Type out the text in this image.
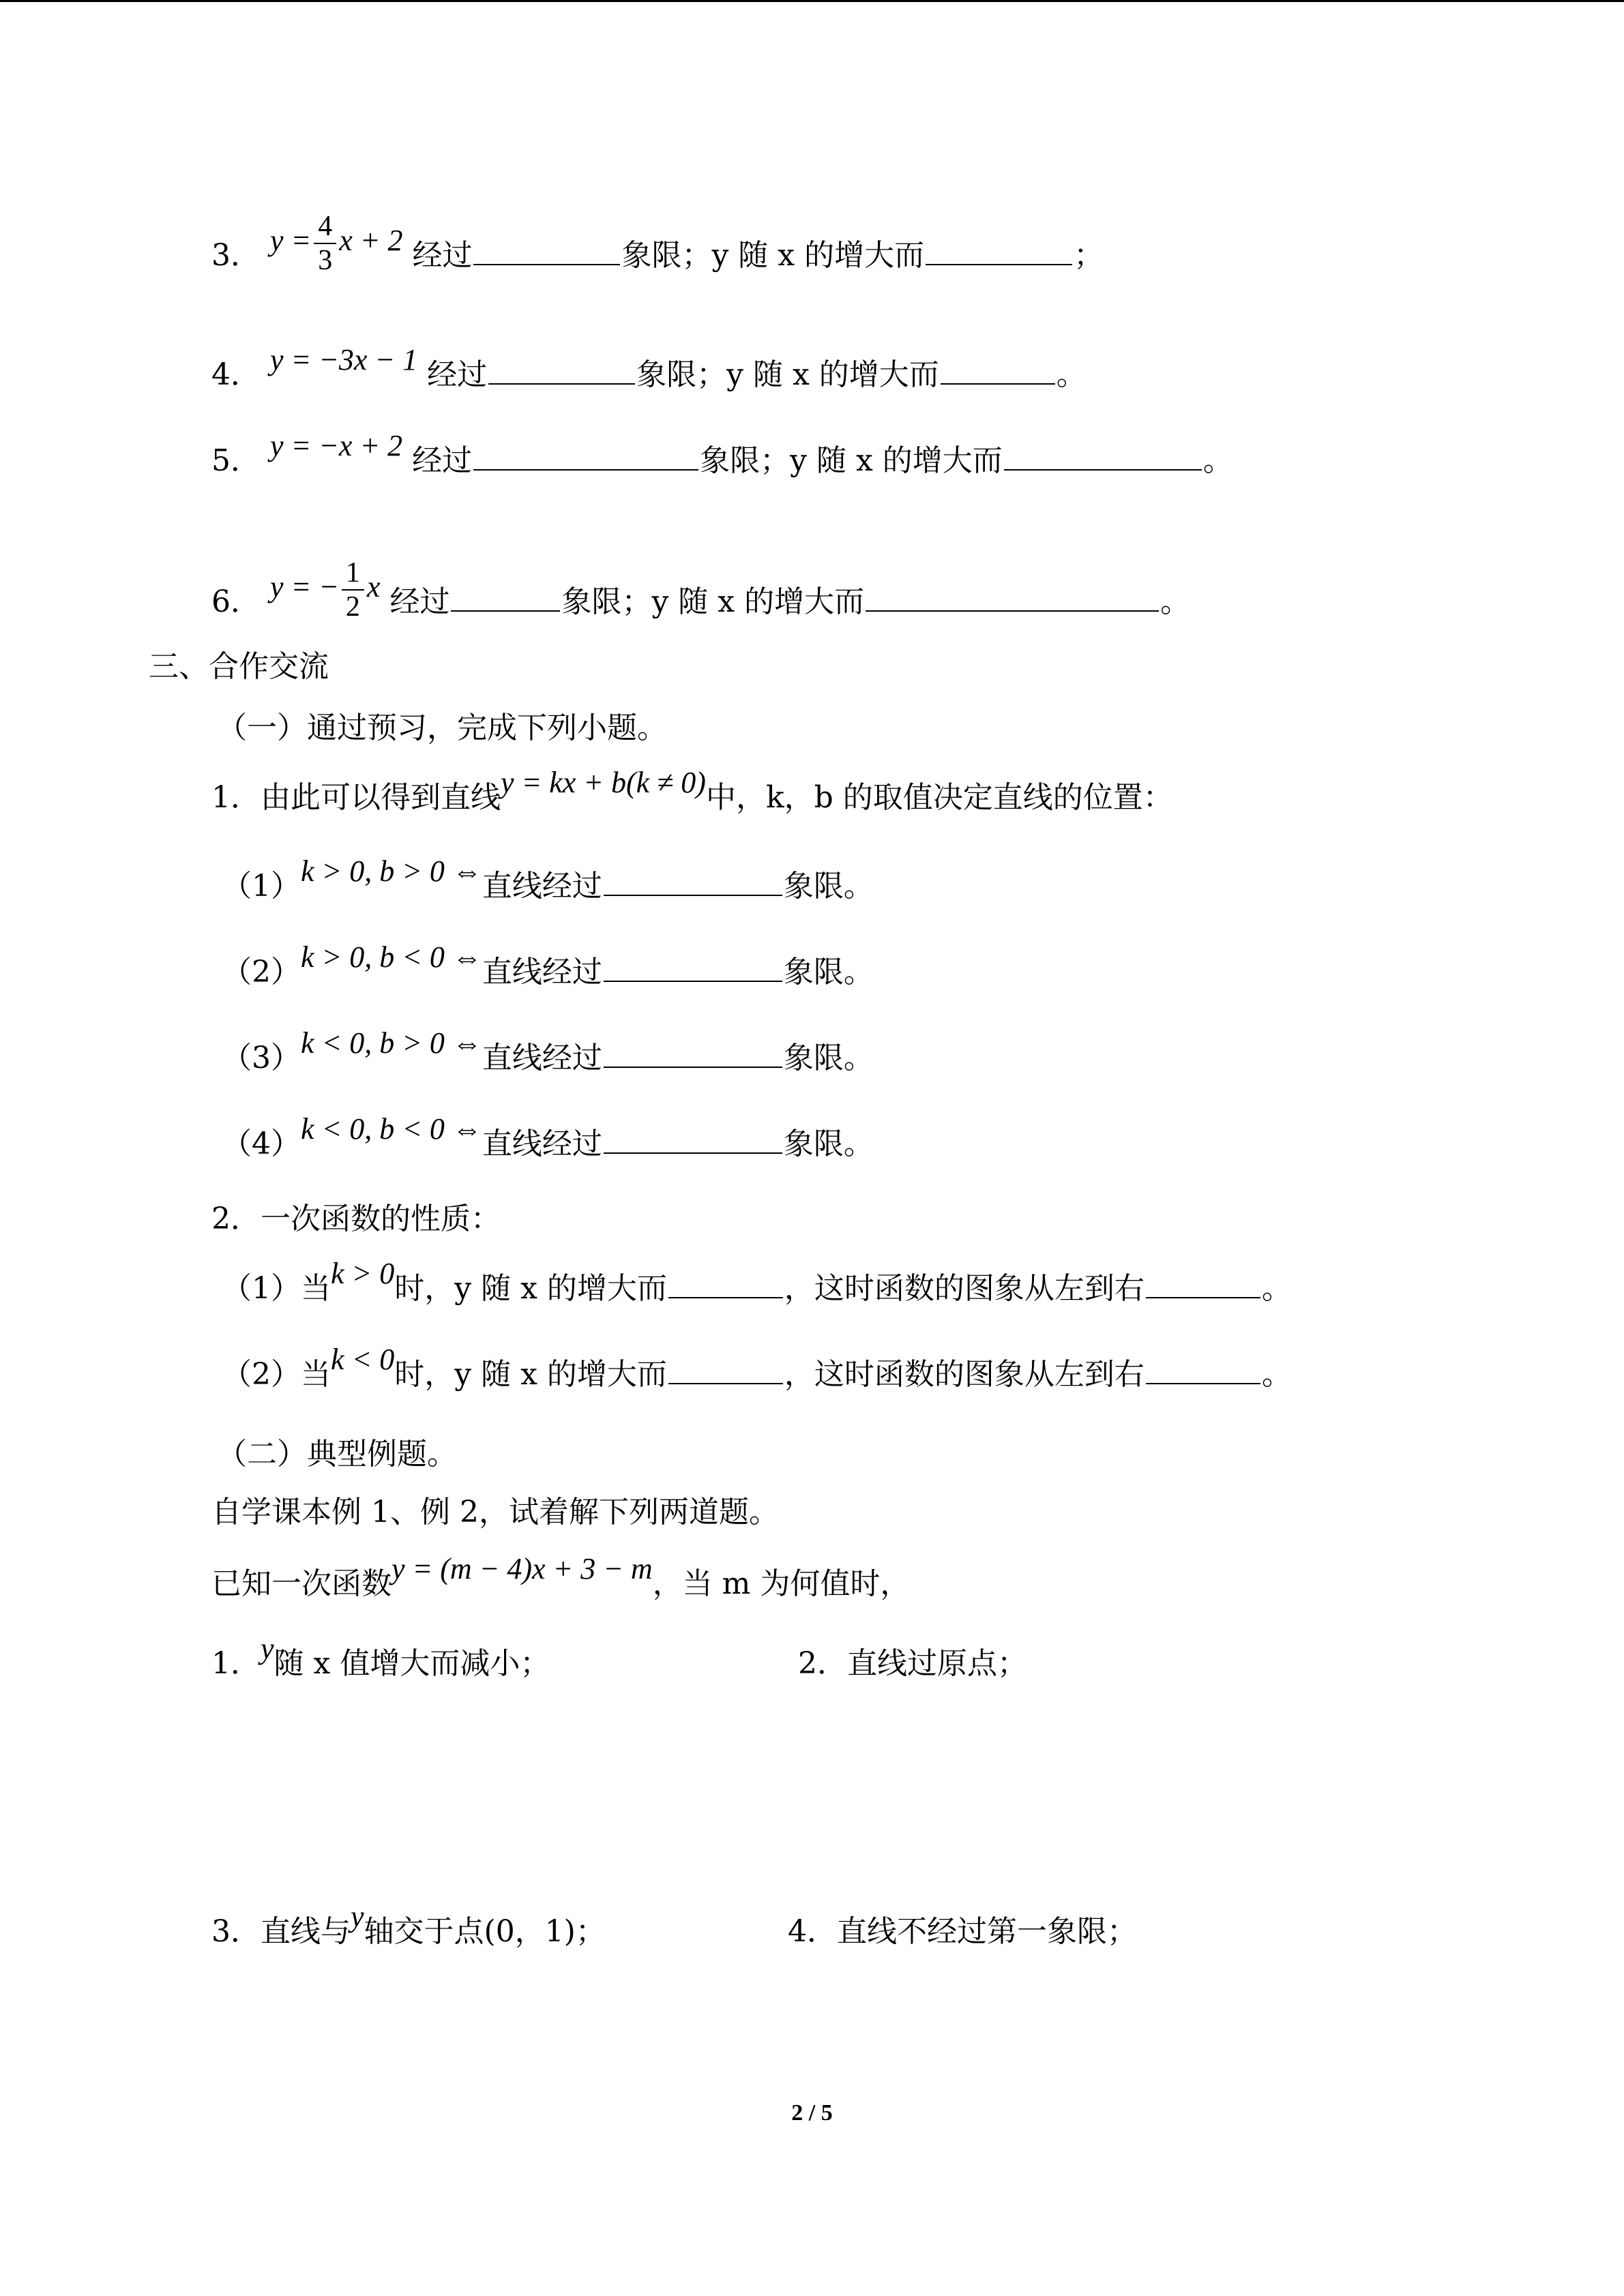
3． $y = \frac{4}{3}$ x + 2 经过	象限；y 随 x 的增大而	；
4． y = −3x − 1 经过	象限；y 随 x 的增大而	。
5． y = −x + 2 经过	象限；y 随 x 的增大而	。
6． y = − $\frac{1}{2}$ x 经过	象限；y 随 x 的增大而	。
三、合作交流
（一）通过预习，完成下列小题。
1．由此可以得到直线y = kx + b(k ≠ 0)中，k，b 的取值决定直线的位置：
（1）k > 0, b > 0 ⇔直线经过	象限。
（2）k > 0, b < 0 ⇔直线经过	象限。
（3）k < 0, b > 0 ⇔直线经过	象限。
（4）k < 0, b < 0 ⇔直线经过	象限。
2．一次函数的性质：
（1）当k > 0时，y 随 x 的增大而	，这时函数的图象从左到右	。
（2）当k < 0时，y 随 x 的增大而	，这时函数的图象从左到右	。
（二）典型例题。
自学课本例 1、例 2，试着解下列两道题。
已知一次函数y = (m − 4)x + 3 − m，当 m 为何值时，
1．y随 x 值增大而减小；	2．直线过原点；
3．直线与y轴交于点(0，1)；	4．直线不经过第一象限；
2 / 5
